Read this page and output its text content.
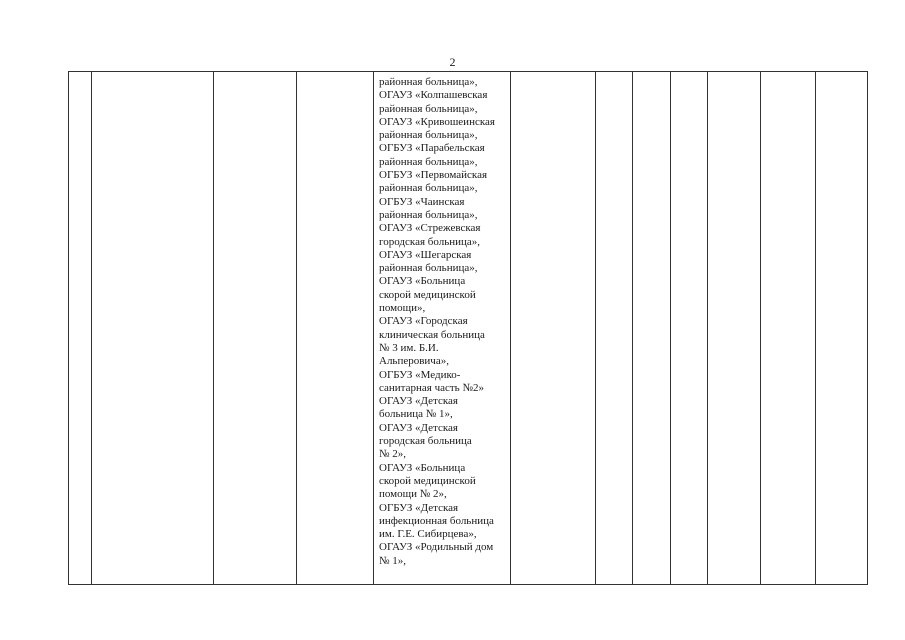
2
районная больница»,
ОГАУЗ «Колпашевская
районная больница»,
ОГАУЗ «Кривошеинская
районная больница»,
ОГБУЗ «Парабельская
районная больница»,
ОГБУЗ «Первомайская
районная больница»,
ОГБУЗ «Чаинская
районная больница»,
ОГАУЗ «Стрежевская
городская больница»,
ОГАУЗ «Шегарская
районная больница»,
ОГАУЗ «Больница
скорой медицинской
помощи»,
ОГАУЗ «Городская
клиническая больница
№ 3 им. Б.И.
Альперовича»,
ОГБУЗ «Медико-
санитарная часть №2»
ОГАУЗ «Детская
больница № 1»,
ОГАУЗ «Детская
городская больница
№ 2»,
ОГАУЗ «Больница
скорой медицинской
помощи № 2»,
ОГБУЗ «Детская
инфекционная больница
им. Г.Е. Сибирцева»,
ОГАУЗ «Родильный дом
№ 1»,
